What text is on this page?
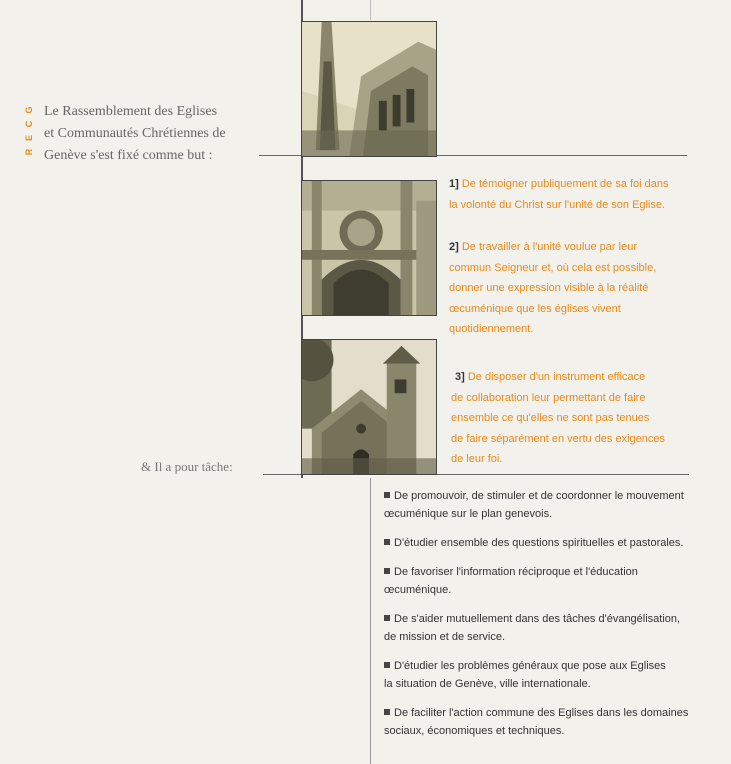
G
C
E
R
Le Rassemblement des Eglises
et Communautés Chrétiennes de
Genève s'est fixé comme but :
1] De témoigner publiquement de sa foi dans
la volonté du Christ sur l'unité de son Eglise.
2] De travailler à l'unité voulue par leur
commun Seigneur et, où cela est possible,
donner une expression visible à la réalité
œcuménique que les églises vivent
quotidiennement.
3] De disposer d'un instrument efficace
de collaboration leur permettant de faire
ensemble ce qu'elles ne sont pas tenues
de faire séparément en vertu des exigences
de leur foi.
& Il a pour tâche:

De promouvoir, de stimuler et de coordonner le mouvement
œcuménique sur le plan genevois.

D'étudier ensemble des questions spirituelles et pastorales.

De favoriser l'information réciproque et l'éducation
œcuménique.

De s'aider mutuellement dans des tâches d'évangélisation,
de mission et de service.

D'étudier les problèmes généraux que pose aux Eglises
la situation de Genève, ville internationale.

De faciliter l'action commune des Eglises dans les domaines
sociaux, économiques et techniques.
